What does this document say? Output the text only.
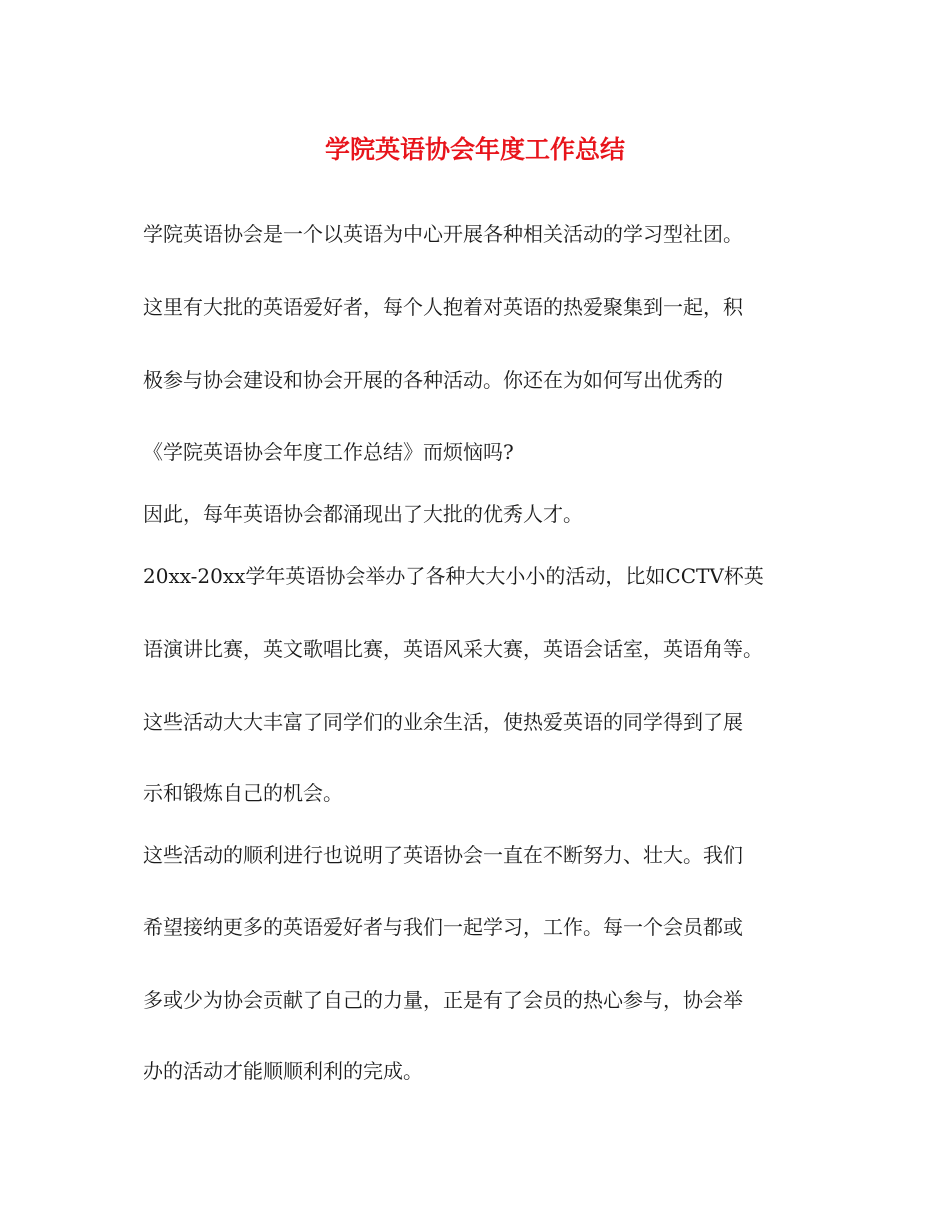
学院英语协会年度工作总结
学院英语协会是一个以英语为中心开展各种相关活动的学习型社团。
这里有大批的英语爱好者，每个人抱着对英语的热爱聚集到一起，积
极参与协会建设和协会开展的各种活动。你还在为如何写出优秀的
《学院英语协会年度工作总结》而烦恼吗?
因此，每年英语协会都涌现出了大批的优秀人才。
20xx-20xx学年英语协会举办了各种大大小小的活动，比如CCTV杯英
语演讲比赛，英文歌唱比赛，英语风采大赛，英语会话室，英语角等。
这些活动大大丰富了同学们的业余生活，使热爱英语的同学得到了展
示和锻炼自己的机会。
这些活动的顺利进行也说明了英语协会一直在不断努力、壮大。我们
希望接纳更多的英语爱好者与我们一起学习，工作。每一个会员都或
多或少为协会贡献了自己的力量，正是有了会员的热心参与，协会举
办的活动才能顺顺利利的完成。
